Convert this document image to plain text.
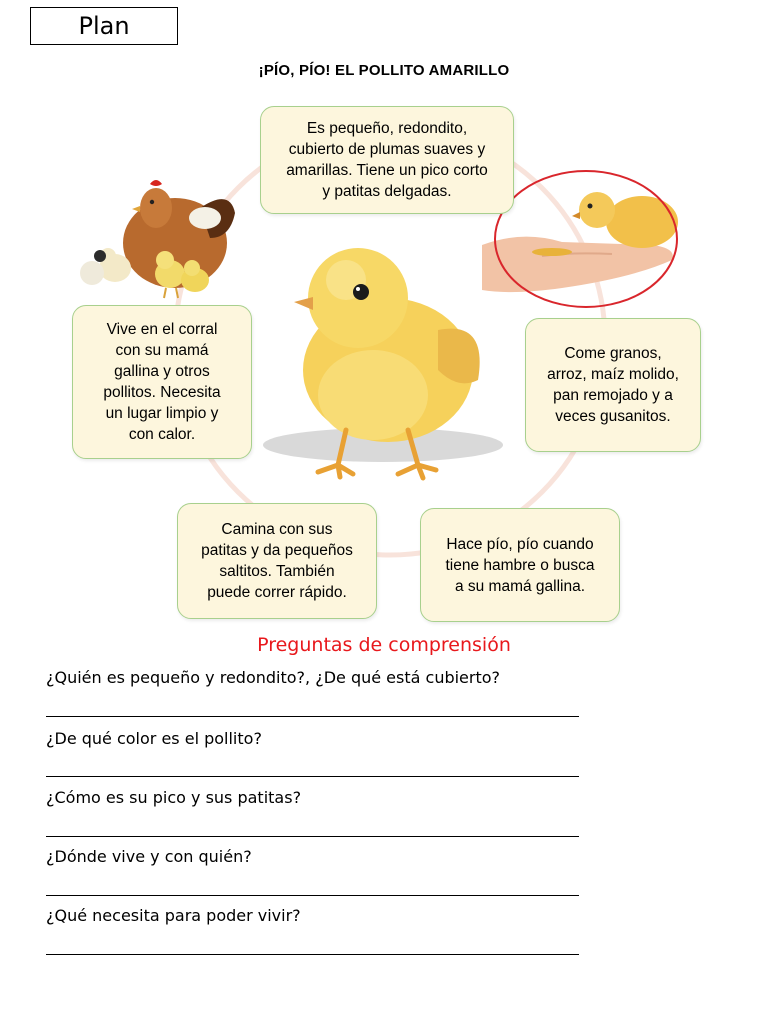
Plan
¡PÍO, PÍO! EL POLLITO AMARILLO
Es pequeño, redondito,
cubierto de plumas suaves y
amarillas. Tiene un pico corto
y patitas delgadas.
Vive en el corral
con su mamá
gallina y otros
pollitos. Necesita
un lugar limpio y
con calor.
Come granos,
arroz, maíz molido,
pan remojado y a
veces gusanitos.
Camina con sus
patitas y da pequeños
saltitos. También
puede correr rápido.
Hace pío, pío cuando
tiene hambre o busca
a su mamá gallina.
Preguntas de comprensión
¿Quién es pequeño y redondito?, ¿De qué está cubierto?
¿De qué color es el pollito?
¿Cómo es su pico y sus patitas?
¿Dónde vive y con quién?
¿Qué necesita para poder vivir?
